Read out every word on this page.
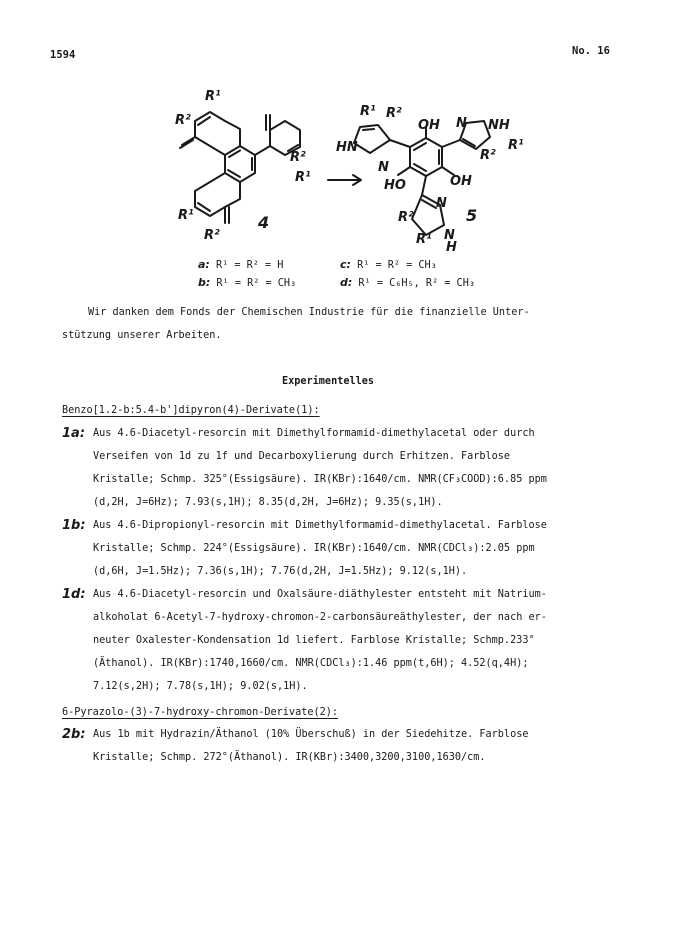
1594	No. 16
R¹
R²
R²
R¹
R¹
R²
4
R¹ R²
HN
N
OH N NH
R²
R¹
HO	OH
N
R²
R¹ N
H
5
a: R¹ = R² = H	c: R¹ = R² = CH₃
b: R¹ = R² = CH₃	d: R¹ = C₆H₅, R² = CH₃
Wir danken dem Fonds der Chemischen Industrie für die finanzielle Unter-
stützung unserer Arbeiten.
Experimentelles
Benzo[1.2-b:5.4-b']dipyron(4)-Derivate(1):
1a: Aus 4.6-Diacetyl-resorcin mit Dimethylformamid-dimethylacetal oder durch
Verseifen von 1d zu 1f und Decarboxylierung durch Erhitzen. Farblose
Kristalle; Schmp. 325°(Essigsäure). IR(KBr):1640/cm. NMR(CF₃COOD):6.85 ppm
(d,2H, J=6Hz); 7.93(s,1H); 8.35(d,2H, J=6Hz); 9.35(s,1H).
1b: Aus 4.6-Dipropionyl-resorcin mit Dimethylformamid-dimethylacetal. Farblose
Kristalle; Schmp. 224°(Essigsäure). IR(KBr):1640/cm. NMR(CDCl₃):2.05 ppm
(d,6H, J=1.5Hz); 7.36(s,1H); 7.76(d,2H, J=1.5Hz); 9.12(s,1H).
1d: Aus 4.6-Diacetyl-resorcin und Oxalsäure-diäthylester entsteht mit Natrium-
alkoholat 6-Acetyl-7-hydroxy-chromon-2-carbonsäureäthylester, der nach er-
neuter Oxalester-Kondensation 1d liefert. Farblose Kristalle; Schmp.233°
(Äthanol). IR(KBr):1740,1660/cm. NMR(CDCl₃):1.46 ppm(t,6H); 4.52(q,4H);
7.12(s,2H); 7.78(s,1H); 9.02(s,1H).
6-Pyrazolo-(3)-7-hydroxy-chromon-Derivate(2):
2b: Aus 1b mit Hydrazin/Äthanol (10% Überschuß) in der Siedehitze. Farblose
Kristalle; Schmp. 272°(Äthanol). IR(KBr):3400,3200,3100,1630/cm.
